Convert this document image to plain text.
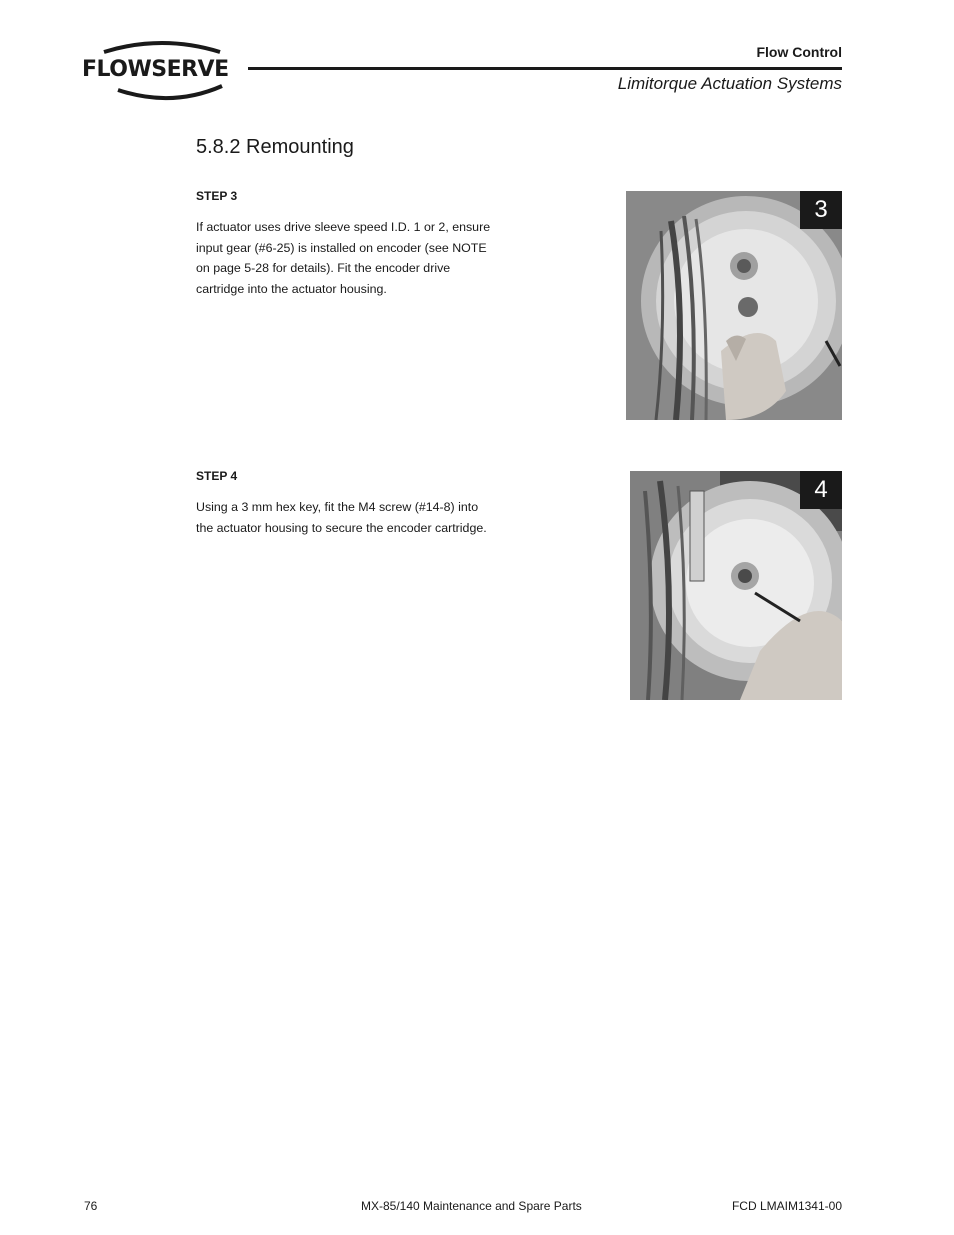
FLOWSERVE
Flow Control
Limitorque Actuation Systems
5.8.2 Remounting
STEP 3

If actuator uses drive sleeve speed I.D. 1 or 2, ensure input gear (#6-25) is installed on encoder (see NOTE on page 5-28 for details). Fit the encoder drive cartridge into the actuator housing.

3
STEP 4

Using a 3 mm hex key, fit the M4 screw (#14-8) into the actuator housing to secure the encoder cartridge.

4
76	MX-85/140 Maintenance and Spare Parts	FCD LMAIM1341-00
